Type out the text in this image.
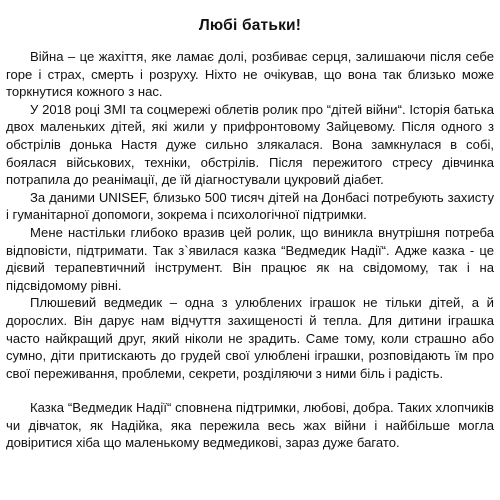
Любі батьки!

Війна – це жахіття, яке ламає долі, розбиває серця, залишаючи після себе горе і страх, смерть і розруху. Ніхто не очікував, що вона так близько може торкнутися кожного з нас.

У 2018 році ЗМІ та соцмережі облетів ролик про “дітей війни“. Історія батька двох маленьких дітей, які жили у прифронтовому Зайцевому. Після одного з обстрілів донька Настя дуже сильно злякалася. Вона замкнулася в собі, боялася військових, техніки, обстрілів. Після пережитого стресу дівчинка потрапила до реанімації, де їй діагностували цукровий діабет.

За даними UNISEF, близько 500 тисяч дітей на Донбасі потребують захисту і гуманітарної допомоги, зокрема і психологічної підтримки.

Мене настільки глибоко вразив цей ролик, що виникла внутрішня потреба відповісти, підтримати. Так з`явилася казка “Ведмедик Надії“. Адже казка - це дієвий терапевтичний інструмент. Він працює як на свідомому, так і на підсвідомому рівні.

Плюшевий ведмедик – одна з улюблених іграшок не тільки дітей, а й дорослих. Він дарує нам відчуття захищеності й тепла. Для дитини іграшка часто найкращий друг, який ніколи не зрадить. Саме тому, коли страшно або сумно, діти притискають до грудей свої улюблені іграшки, розповідають їм про свої переживання, проблеми, секрети, розділяючи з ними біль і радість.

Казка “Ведмедик Надії“ сповнена підтримки, любові, добра. Таких хлопчиків чи дівчаток, як Надійка, яка пережила весь жах війни і найбільше могла довіритися хіба що маленькому ведмедикові, зараз дуже багато.
